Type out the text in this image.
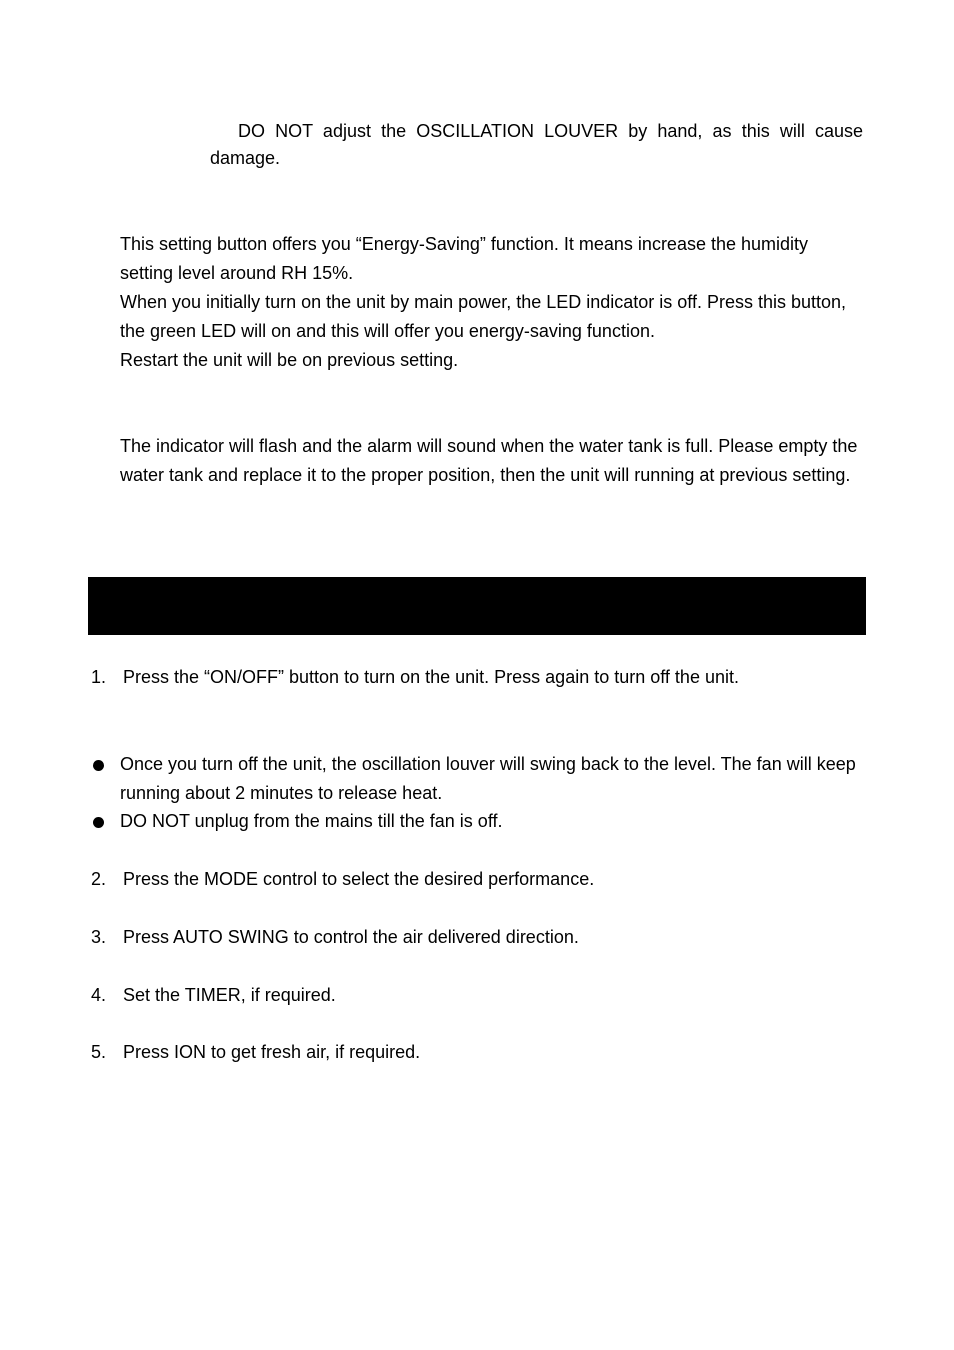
DO NOT adjust the OSCILLATION LOUVER by hand, as this will cause damage.
This setting button offers you “Energy-Saving” function. It means increase the humidity setting level around RH 15%.
When you initially turn on the unit by main power, the LED indicator is off. Press this button, the green LED will on and this will offer you energy-saving function.
Restart the unit will be on previous setting.
The indicator will flash and the alarm will sound when the water tank is full. Please empty the water tank and replace it to the proper position, then the unit will running at previous setting.
1. Press the “ON/OFF” button to turn on the unit. Press again to turn off the unit.
Once you turn off the unit, the oscillation louver will swing back to the level. The fan will keep running about 2 minutes to release heat.
DO NOT unplug from the mains till the fan is off.
2. Press the MODE control to select the desired performance.
3. Press AUTO SWING to control the air delivered direction.
4. Set the TIMER, if required.
5. Press ION to get fresh air, if required.
